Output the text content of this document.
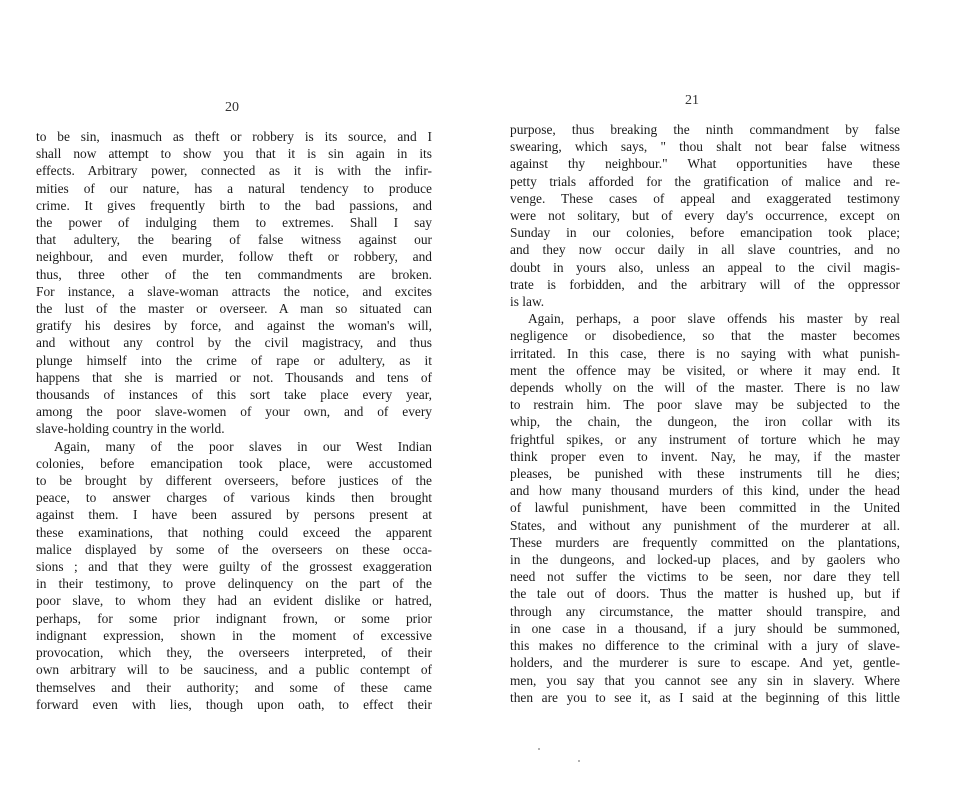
20
to be sin, inasmuch as theft or robbery is its source, and I
shall now attempt to show you that it is sin again in its
effects. Arbitrary power, connected as it is with the infir-
mities of our nature, has a natural tendency to produce
crime. It gives frequently birth to the bad passions, and
the power of indulging them to extremes. Shall I say
that adultery, the bearing of false witness against our
neighbour, and even murder, follow theft or robbery, and
thus, three other of the ten commandments are broken.
For instance, a slave-woman attracts the notice, and excites
the lust of the master or overseer. A man so situated can
gratify his desires by force, and against the woman's will,
and without any control by the civil magistracy, and thus
plunge himself into the crime of rape or adultery, as it
happens that she is married or not. Thousands and tens of
thousands of instances of this sort take place every year,
among the poor slave-women of your own, and of every
slave-holding country in the world.
Again, many of the poor slaves in our West Indian
colonies, before emancipation took place, were accustomed
to be brought by different overseers, before justices of the
peace, to answer charges of various kinds then brought
against them. I have been assured by persons present at
these examinations, that nothing could exceed the apparent
malice displayed by some of the overseers on these occa-
sions ; and that they were guilty of the grossest exaggeration
in their testimony, to prove delinquency on the part of the
poor slave, to whom they had an evident dislike or hatred,
perhaps, for some prior indignant frown, or some prior
indignant expression, shown in the moment of excessive
provocation, which they, the overseers interpreted, of their
own arbitrary will to be sauciness, and a public contempt of
themselves and their authority; and some of these came
forward even with lies, though upon oath, to effect their
21
purpose, thus breaking the ninth commandment by false
swearing, which says, " thou shalt not bear false witness
against thy neighbour." What opportunities have these
petty trials afforded for the gratification of malice and re-
venge. These cases of appeal and exaggerated testimony
were not solitary, but of every day's occurrence, except on
Sunday in our colonies, before emancipation took place;
and they now occur daily in all slave countries, and no
doubt in yours also, unless an appeal to the civil magis-
trate is forbidden, and the arbitrary will of the oppressor
is law.
Again, perhaps, a poor slave offends his master by real
negligence or disobedience, so that the master becomes
irritated. In this case, there is no saying with what punish-
ment the offence may be visited, or where it may end. It
depends wholly on the will of the master. There is no law
to restrain him. The poor slave may be subjected to the
whip, the chain, the dungeon, the iron collar with its
frightful spikes, or any instrument of torture which he may
think proper even to invent. Nay, he may, if the master
pleases, be punished with these instruments till he dies;
and how many thousand murders of this kind, under the head
of lawful punishment, have been committed in the United
States, and without any punishment of the murderer at all.
These murders are frequently committed on the plantations,
in the dungeons, and locked-up places, and by gaolers who
need not suffer the victims to be seen, nor dare they tell
the tale out of doors. Thus the matter is hushed up, but if
through any circumstance, the matter should transpire, and
in one case in a thousand, if a jury should be summoned,
this makes no difference to the criminal with a jury of slave-
holders, and the murderer is sure to escape. And yet, gentle-
men, you say that you cannot see any sin in slavery. Where
then are you to see it, as I said at the beginning of this little
